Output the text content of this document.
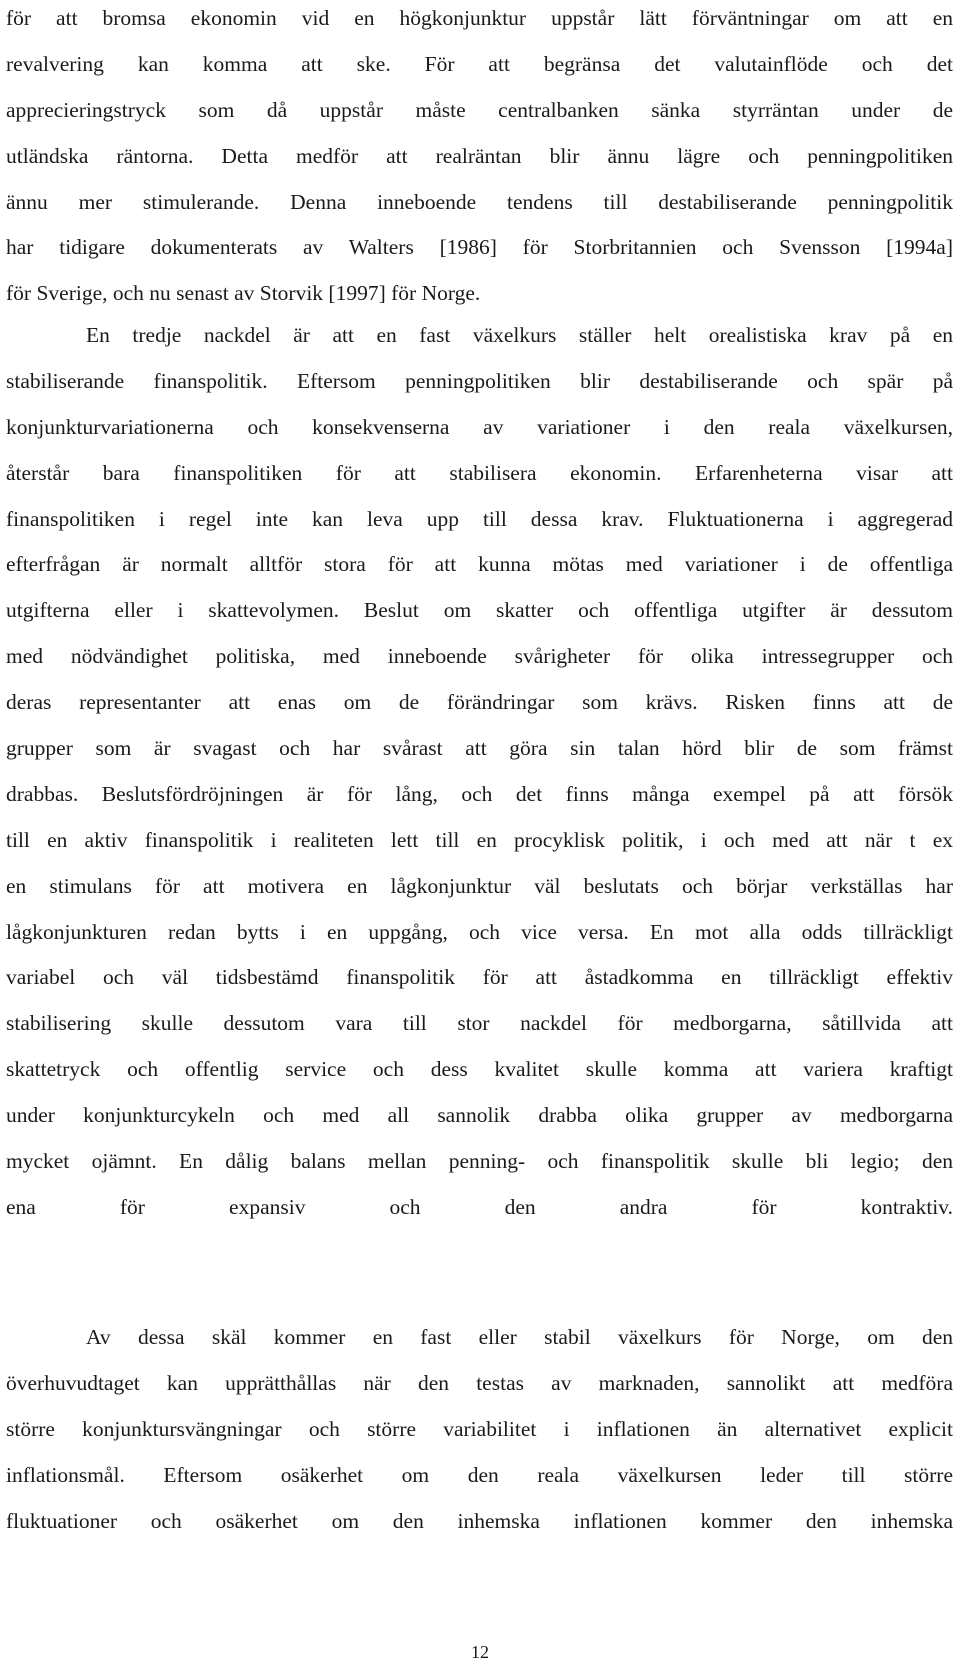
för att bromsa ekonomin vid en högkonjunktur uppstår lätt förväntningar om att en
revalvering kan komma att ske. För att begränsa det valutainflöde och det
apprecieringstryck som då uppstår måste centralbanken sänka styrräntan under de
utländska räntorna. Detta medför att realräntan blir ännu lägre och penningpolitiken
ännu mer stimulerande. Denna inneboende tendens till destabiliserande penningpolitik
har tidigare dokumenterats av Walters [1986] för Storbritannien och Svensson [1994a]
för Sverige, och nu senast av Storvik [1997] för Norge.
En tredje nackdel är att en fast växelkurs ställer helt orealistiska krav på en
stabiliserande finanspolitik. Eftersom penningpolitiken blir destabiliserande och spär på
konjunkturvariationerna och konsekvenserna av variationer i den reala växelkursen,
återstår bara finanspolitiken för att stabilisera ekonomin. Erfarenheterna visar att
finanspolitiken i regel inte kan leva upp till dessa krav. Fluktuationerna i aggregerad
efterfrågan är normalt alltför stora för att kunna mötas med variationer i de offentliga
utgifterna eller i skattevolymen. Beslut om skatter och offentliga utgifter är dessutom
med nödvändighet politiska, med inneboende svårigheter för olika intressegrupper och
deras representanter att enas om de förändringar som krävs. Risken finns att de
grupper som är svagast och har svårast att göra sin talan hörd blir de som främst
drabbas. Beslutsfördröjningen är för lång, och det finns många exempel på att försök
till en aktiv finanspolitik i realiteten lett till en procyklisk politik, i och med att när t ex
en stimulans för att motivera en lågkonjunktur väl beslutats och börjar verkställas har
lågkonjunkturen redan bytts i en uppgång, och vice versa. En mot alla odds tillräckligt
variabel och väl tidsbestämd finanspolitik för att åstadkomma en tillräckligt effektiv
stabilisering skulle dessutom vara till stor nackdel för medborgarna, såtillvida att
skattetryck och offentlig service och dess kvalitet skulle komma att variera kraftigt
under konjunkturcykeln och med all sannolik drabba olika grupper av medborgarna
mycket ojämnt. En dålig balans mellan penning- och finanspolitik skulle bli legio; den
ena för expansiv och den andra för kontraktiv.
Av dessa skäl kommer en fast eller stabil växelkurs för Norge, om den
överhuvudtaget kan upprätthållas när den testas av marknaden, sannolikt att medföra
större konjunktursvängningar och större variabilitet i inflationen än alternativet explicit
inflationsmål. Eftersom osäkerhet om den reala växelkursen leder till större
fluktuationer och osäkerhet om den inhemska inflationen kommer den inhemska
12
